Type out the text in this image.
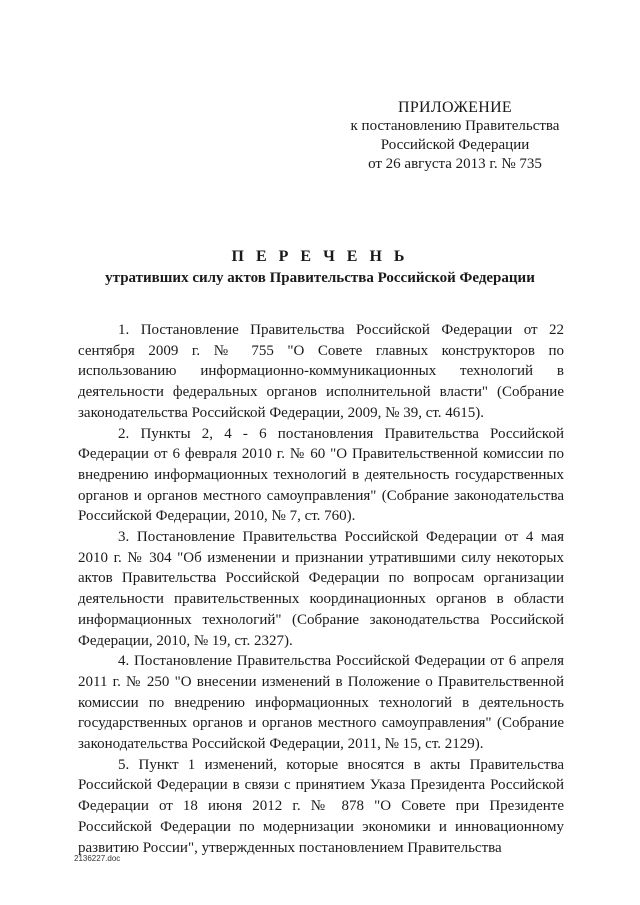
ПРИЛОЖЕНИЕ
к постановлению Правительства
Российской Федерации
от 26 августа 2013 г. № 735
П Е Р Е Ч Е Н Ь
утративших силу актов Правительства Российской Федерации

1. Постановление Правительства Российской Федерации от 22 сентября 2009 г. № 755 "О Совете главных конструкторов по использованию информационно-коммуникационных технологий в деятельности федеральных органов исполнительной власти" (Собрание законодательства Российской Федерации, 2009, № 39, ст. 4615).

2. Пункты 2, 4 - 6 постановления Правительства Российской Федерации от 6 февраля 2010 г. № 60 "О Правительственной комиссии по внедрению информационных технологий в деятельность государственных органов и органов местного самоуправления" (Собрание законодательства Российской Федерации, 2010, № 7, ст. 760).

3. Постановление Правительства Российской Федерации от 4 мая 2010 г. № 304 "Об изменении и признании утратившими силу некоторых актов Правительства Российской Федерации по вопросам организации деятельности правительственных координационных органов в области информационных технологий" (Собрание законодательства Российской Федерации, 2010, № 19, ст. 2327).

4. Постановление Правительства Российской Федерации от 6 апреля 2011 г. № 250 "О внесении изменений в Положение о Правительственной комиссии по внедрению информационных технологий в деятельность государственных органов и органов местного самоуправления" (Собрание законодательства Российской Федерации, 2011, № 15, ст. 2129).

5. Пункт 1 изменений, которые вносятся в акты Правительства Российской Федерации в связи с принятием Указа Президента Российской Федерации от 18 июня 2012 г. № 878 "О Совете при Президенте Российской Федерации по модернизации экономики и инновационному развитию России", утвержденных постановлением Правительства

2136227.doc
